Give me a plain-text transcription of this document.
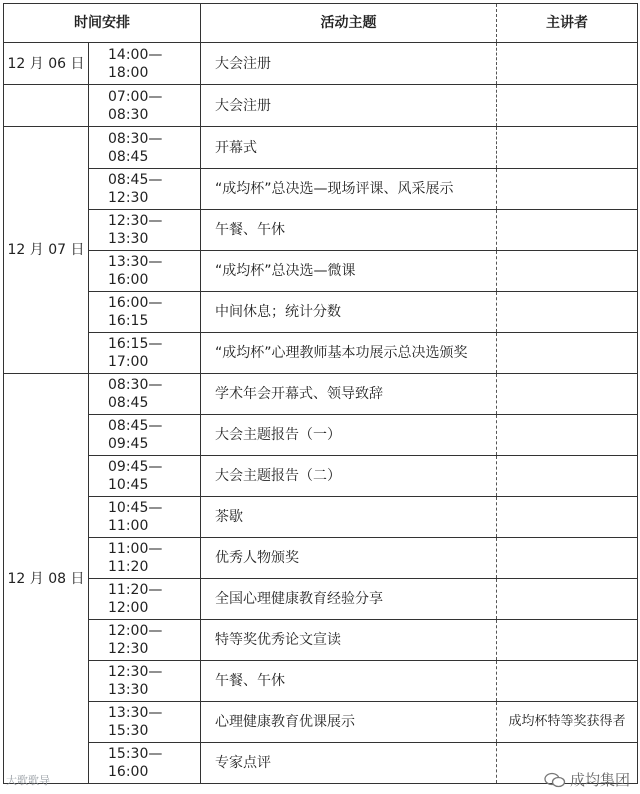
时间安排		活动主题	主讲者
12 月 06 日	14:00—18:00	大会注册	
	07:00—08:30	大会注册	
12 月 07 日	08:30—08:45	开幕式	
	08:45—12:30	“成均杯”总决选—现场评课、风采展示	
	12:30—13:30	午餐、午休	
	13:30—16:00	“成均杯”总决选—微课	
	16:00—16:15	中间休息；统计分数	
	16:15—17:00	“成均杯”心理教师基本功展示总决选颁奖	
12 月 08 日	08:30—08:45	学术年会开幕式、领导致辞	
	08:45—09:45	大会主题报告（一）	
	09:45—10:45	大会主题报告（二）	
	10:45—11:00	茶歇	
	11:00—11:20	优秀人物颁奖	
	11:20—12:00	全国心理健康教育经验分享	
	12:00—12:30	特等奖优秀论文宣读	
	12:30—13:30	午餐、午休	
	13:30—15:30	心理健康教育优课展示	成均杯特等奖获得者
	15:30—16:00	专家点评	
大歌歌导	成均集团
